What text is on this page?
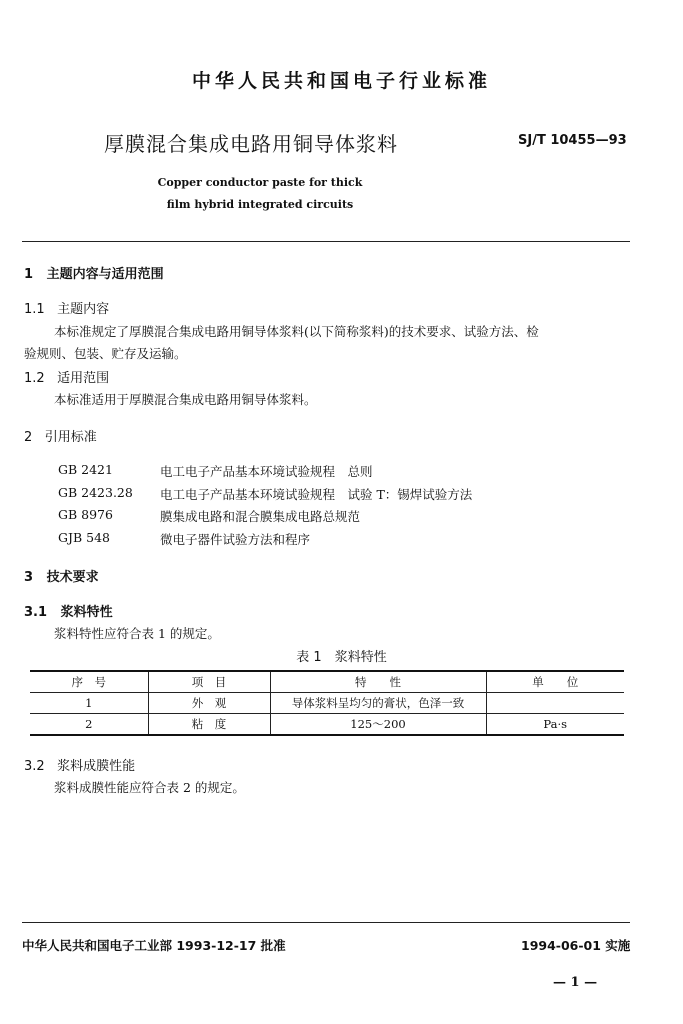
中华人民共和国电子行业标准
厚膜混合集成电路用铜导体浆料	SJ/T 10455—93
Copper conductor paste for thick
film hybrid integrated circuits
1 主题内容与适用范围
1.1 主题内容
本标准规定了厚膜混合集成电路用铜导体浆料(以下简称浆料)的技术要求、试验方法、检
验规则、包装、贮存及运输。
1.2 适用范围
本标准适用于厚膜混合集成电路用铜导体浆料。
2 引用标准
GB 2421	电工电子产品基本环境试验规程　总则
GB 2423.28 电工电子产品基本环境试验规程　试验 T：锡焊试验方法
GB 8976	膜集成电路和混合膜集成电路总规范
GJB 548	微电子器件试验方法和程序
3 技术要求
3.1 浆料特性
浆料特性应符合表 1 的规定。
表 1　浆料特性
序　号	项　目	特　　性	单　　位
1	外　观	导体浆料呈均匀的膏状，色泽一致	
2	粘　度	125～200	Pa·s
3.2 浆料成膜性能
浆料成膜性能应符合表 2 的规定。
中华人民共和国电子工业部 1993-12-17 批准	1994-06-01 实施
— 1 —
